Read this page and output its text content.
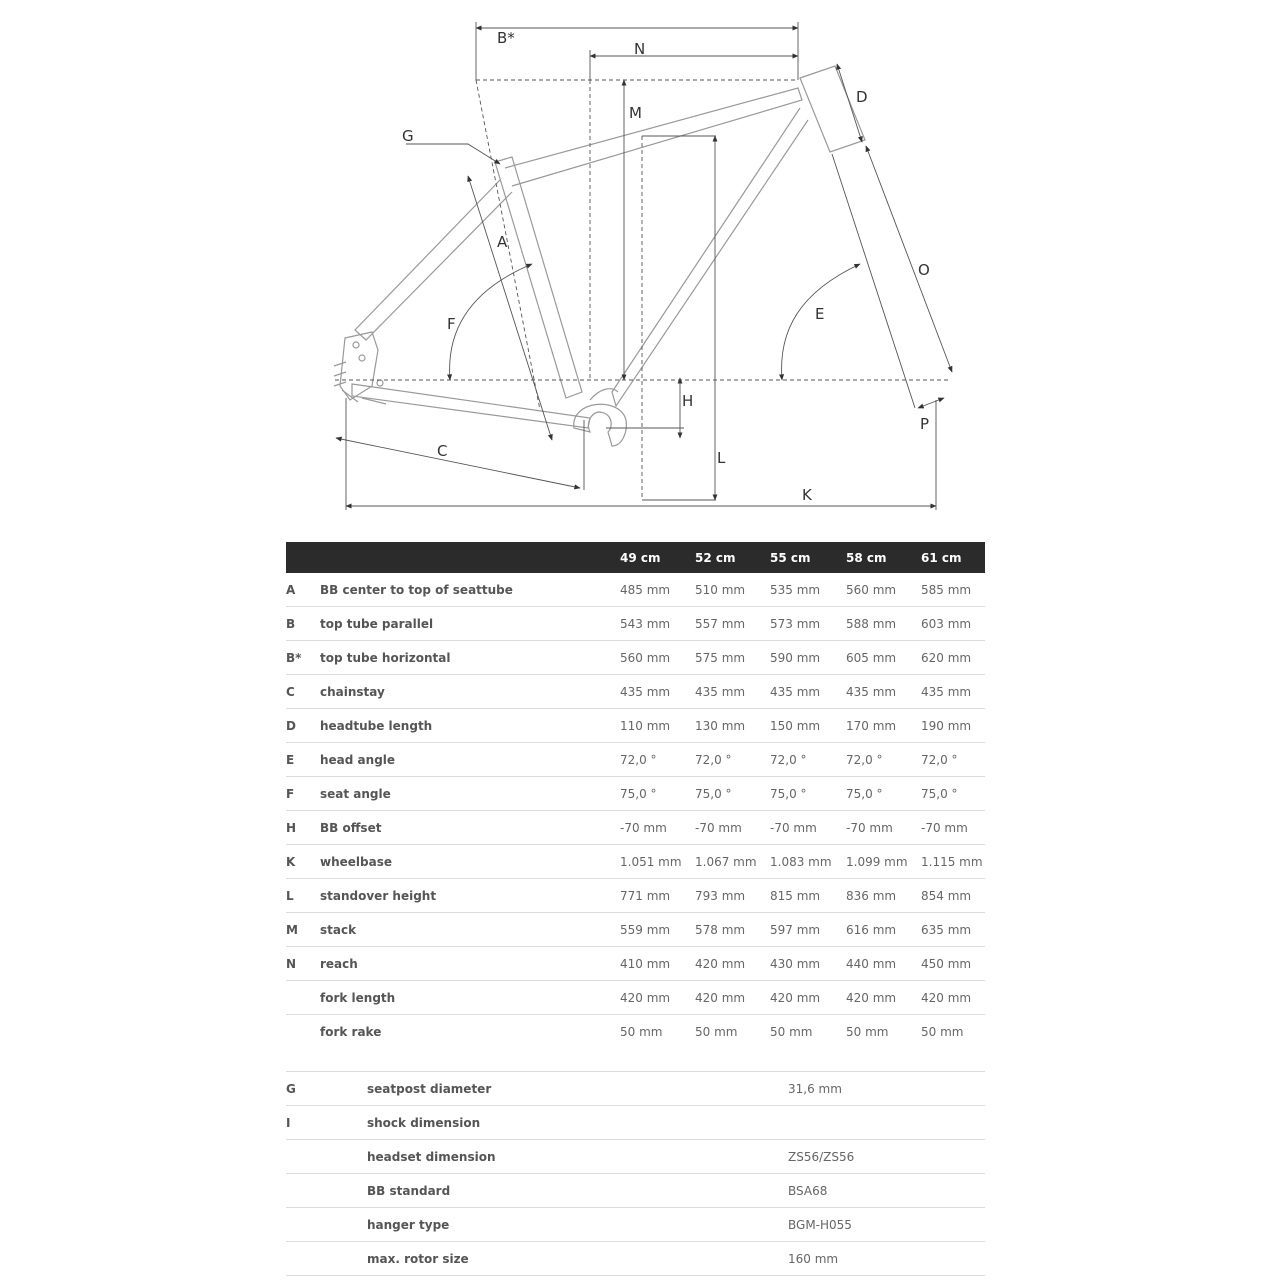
B*
N
M
D
G
A
O
F
E
H
P
C	L
K
		49 cm	52 cm	55 cm	58 cm	61 cm
A	BB center to top of seattube	485 mm	510 mm	535 mm	560 mm	585 mm
B	top tube parallel	543 mm	557 mm	573 mm	588 mm	603 mm
B*	top tube horizontal	560 mm	575 mm	590 mm	605 mm	620 mm
C	chainstay	435 mm	435 mm	435 mm	435 mm	435 mm
D	headtube length	110 mm	130 mm	150 mm	170 mm	190 mm
E	head angle	72,0 °	72,0 °	72,0 °	72,0 °	72,0 °
F	seat angle	75,0 °	75,0 °	75,0 °	75,0 °	75,0 °
H	BB offset	-70 mm	-70 mm	-70 mm	-70 mm	-70 mm
K	wheelbase	1.051 mm	1.067 mm	1.083 mm	1.099 mm	1.115 mm
L	standover height	771 mm	793 mm	815 mm	836 mm	854 mm
M	stack	559 mm	578 mm	597 mm	616 mm	635 mm
N	reach	410 mm	420 mm	430 mm	440 mm	450 mm
	fork length	420 mm	420 mm	420 mm	420 mm	420 mm
	fork rake	50 mm	50 mm	50 mm	50 mm	50 mm
G	seatpost diameter	31,6 mm
I	shock dimension	
	headset dimension	ZS56/ZS56
	BB standard	BSA68
	hanger type	BGM-H055
	max. rotor size	160 mm
